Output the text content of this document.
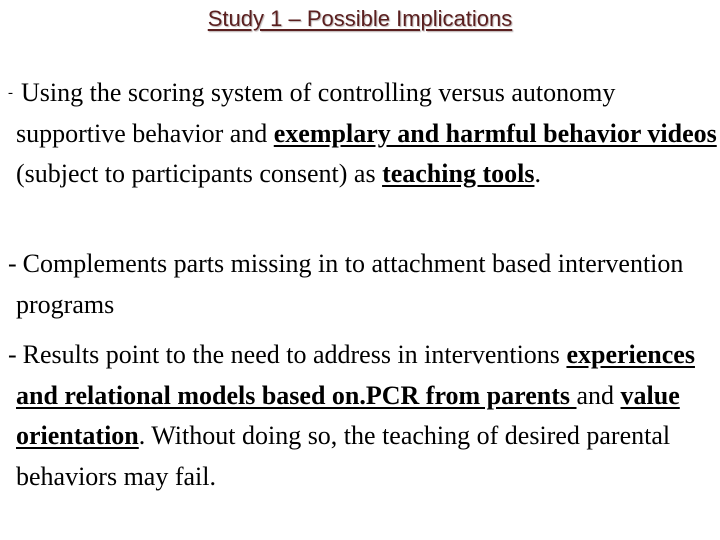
Study 1 – Possible Implications
- Using the scoring system of controlling versus autonomy supportive behavior and exemplary and harmful behavior videos (subject to participants consent) as teaching tools.
- Complements parts missing in to attachment based intervention programs
- Results point to the need to address in interventions experiences and relational models based on.PCR from parents and value orientation. Without doing so, the teaching of desired parental behaviors may fail.
